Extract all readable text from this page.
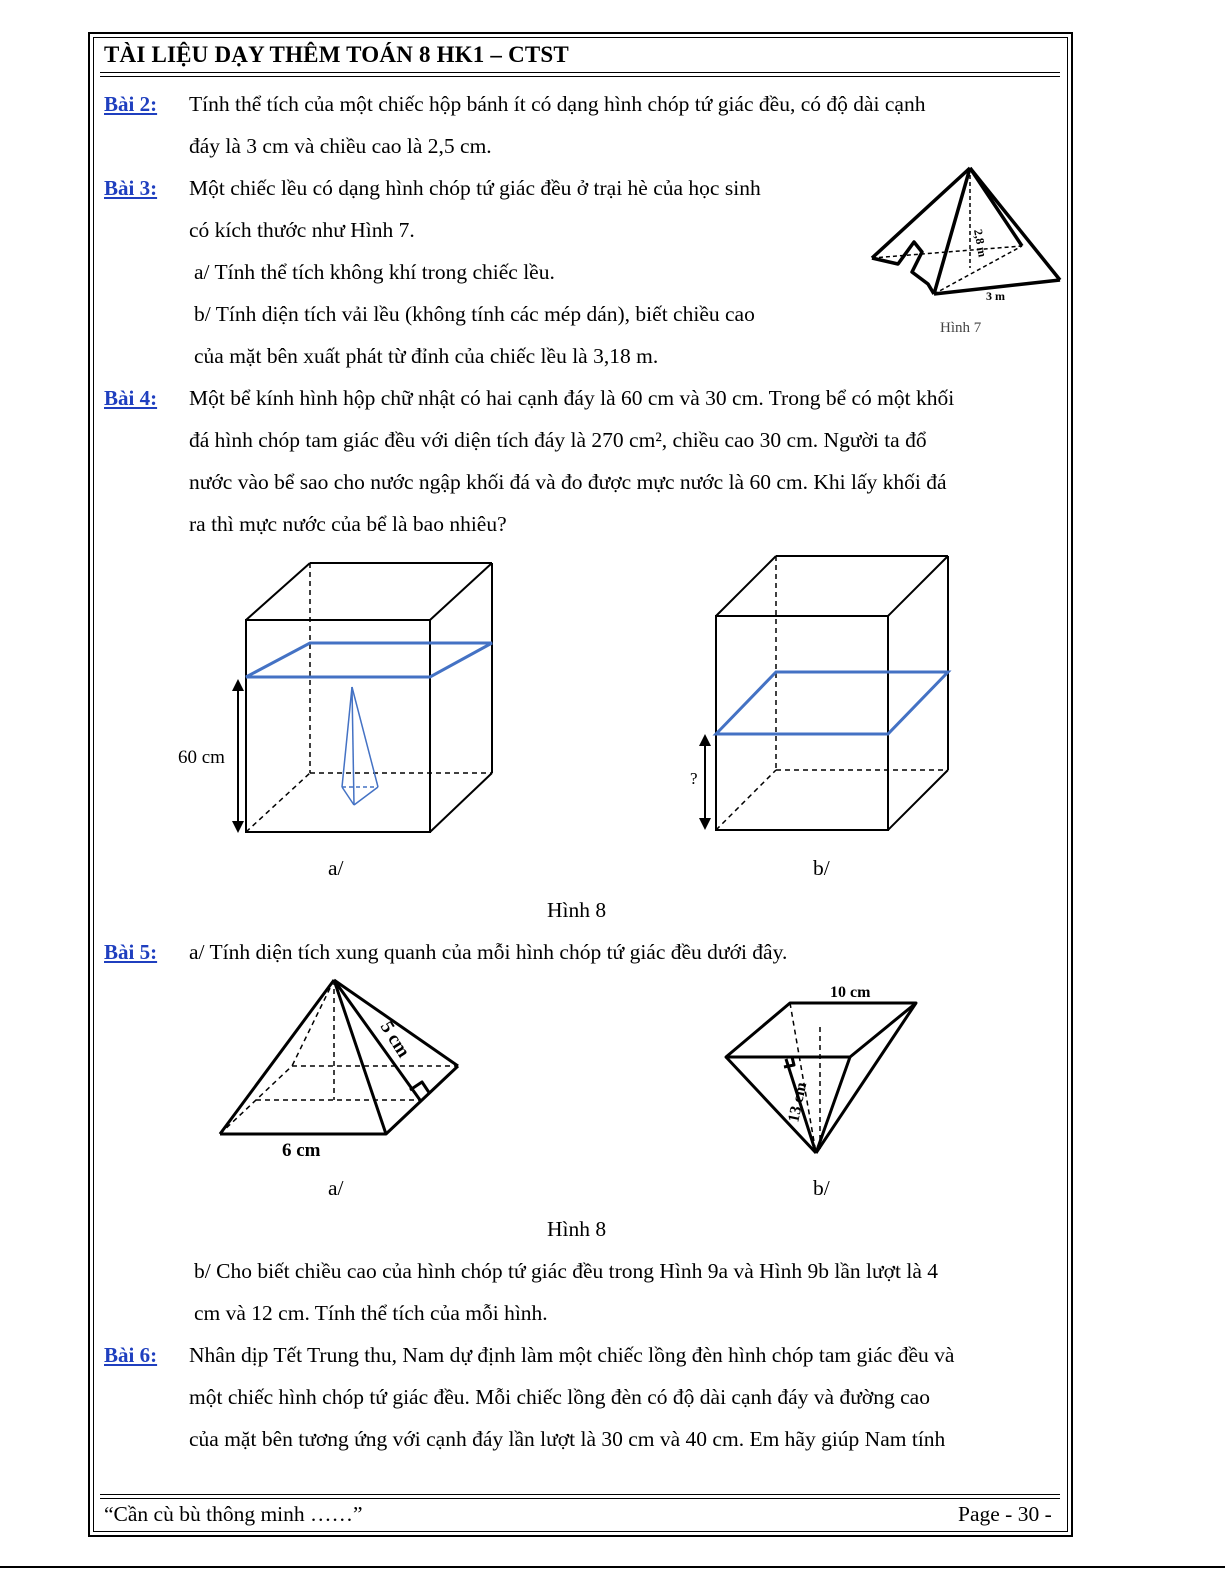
TÀI LIỆU DẠY THÊM TOÁN 8 HK1 – CTST
Bài 2: Tính thể tích của một chiếc hộp bánh ít có dạng hình chóp tứ giác đều, có độ dài cạnh
đáy là 3 cm và chiều cao là 2,5 cm.
Bài 3: Một chiếc lều có dạng hình chóp tứ giác đều ở trại hè của học sinh
có kích thước như Hình 7.
a/ Tính thể tích không khí trong chiếc lều.
b/ Tính diện tích vải lều (không tính các mép dán), biết chiều cao
của mặt bên xuất phát từ đỉnh của chiếc lều là 3,18 m.
2,8 m
3 m
Hình 7
Bài 4: Một bể kính hình hộp chữ nhật có hai cạnh đáy là 60 cm và 30 cm. Trong bể có một khối
đá hình chóp tam giác đều với diện tích đáy là 270 cm², chiều cao 30 cm. Người ta đổ
nước vào bể sao cho nước ngập khối đá và đo được mực nước là 60 cm. Khi lấy khối đá
ra thì mực nước của bể là bao nhiêu?
60 cm
a/
?
b/
Hình 8
Bài 5: a/ Tính diện tích xung quanh của mỗi hình chóp tứ giác đều dưới đây.
5 cm
6 cm
a/
10 cm
13 cm
b/
Hình 8
b/ Cho biết chiều cao của hình chóp tứ giác đều trong Hình 9a và Hình 9b lần lượt là 4
cm và 12 cm. Tính thể tích của mỗi hình.
Bài 6: Nhân dịp Tết Trung thu, Nam dự định làm một chiếc lồng đèn hình chóp tam giác đều và
một chiếc hình chóp tứ giác đều. Mỗi chiếc lồng đèn có độ dài cạnh đáy và đường cao
của mặt bên tương ứng với cạnh đáy lần lượt là 30 cm và 40 cm. Em hãy giúp Nam tính
“Cần cù bù thông minh ……”	Page - 30 -
